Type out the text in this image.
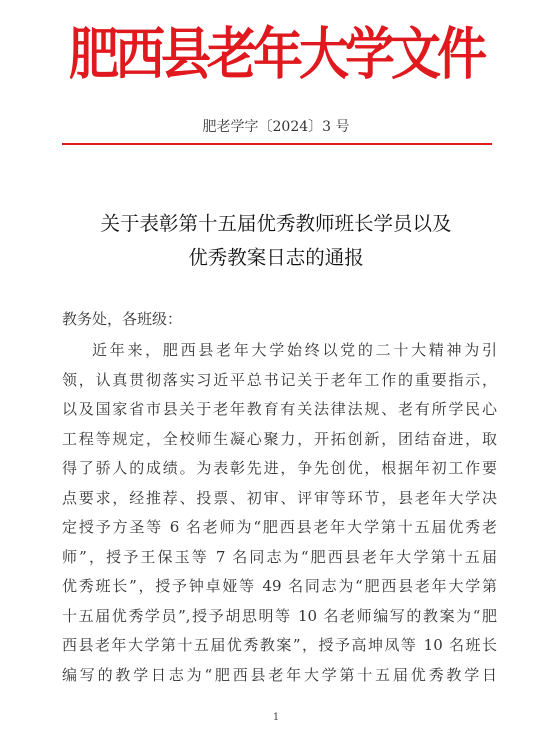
肥西县老年大学文件
肥老学字〔2024〕3 号
关于表彰第十五届优秀教师班长学员以及
优秀教案日志的通报
教务处，各班级：
近年来，肥西县老年大学始终以党的二十大精神为引
领，认真贯彻落实习近平总书记关于老年工作的重要指示，
以及国家省市县关于老年教育有关法律法规、老有所学民心
工程等规定，全校师生凝心聚力，开拓创新，团结奋进，取
得了骄人的成绩。为表彰先进，争先创优，根据年初工作要
点要求，经推荐、投票、初审、评审等环节，县老年大学决
定授予方圣等 6 名老师为“肥西县老年大学第十五届优秀老
师”，授予王保玉等 7 名同志为“肥西县老年大学第十五届
优秀班长”，授予钟卓娅等 49 名同志为“肥西县老年大学第
十五届优秀学员”,授予胡思明等 10 名老师编写的教案为“肥
西县老年大学第十五届优秀教案”，授予高坤凤等 10 名班长
编写的教学日志为“肥西县老年大学第十五届优秀教学日
1
